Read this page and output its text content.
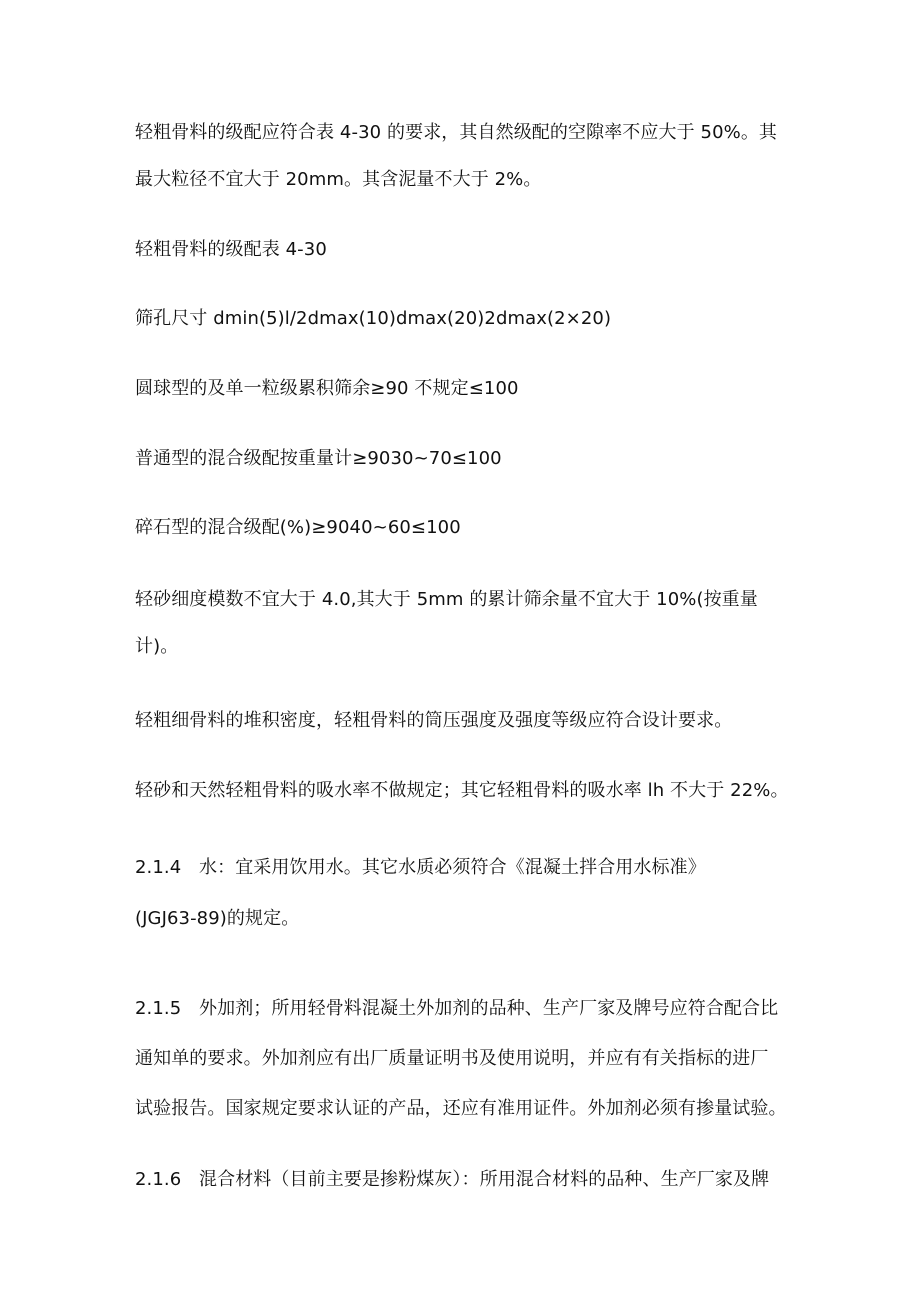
轻粗骨料的级配应符合表 4-30 的要求，其自然级配的空隙率不应大于 50%。其
最大粒径不宜大于 20mm。其含泥量不大于 2%。
轻粗骨料的级配表 4-30
筛孔尺寸 dmin(5)l/2dmax(10)dmax(20)2dmax(2×20)
圆球型的及单一粒级累积筛余≥90 不规定≤100
普通型的混合级配按重量计≥9030~70≤100
碎石型的混合级配(%)≥9040~60≤100
轻砂细度模数不宜大于 4.0,其大于 5mm 的累计筛余量不宜大于 10%(按重量
计)。
轻粗细骨料的堆积密度，轻粗骨料的筒压强度及强度等级应符合设计要求。
轻砂和天然轻粗骨料的吸水率不做规定；其它轻粗骨料的吸水率 lh 不大于 22%。
2.1.4 水：宜采用饮用水。其它水质必须符合《混凝土拌合用水标准》
(JGJ63-89)的规定。
2.1.5 外加剂；所用轻骨料混凝土外加剂的品种、生产厂家及牌号应符合配合比
通知单的要求。外加剂应有出厂质量证明书及使用说明，并应有有关指标的进厂
试验报告。国家规定要求认证的产品，还应有准用证件。外加剂必须有掺量试验。
2.1.6 混合材料（目前主要是掺粉煤灰）：所用混合材料的品种、生产厂家及牌
